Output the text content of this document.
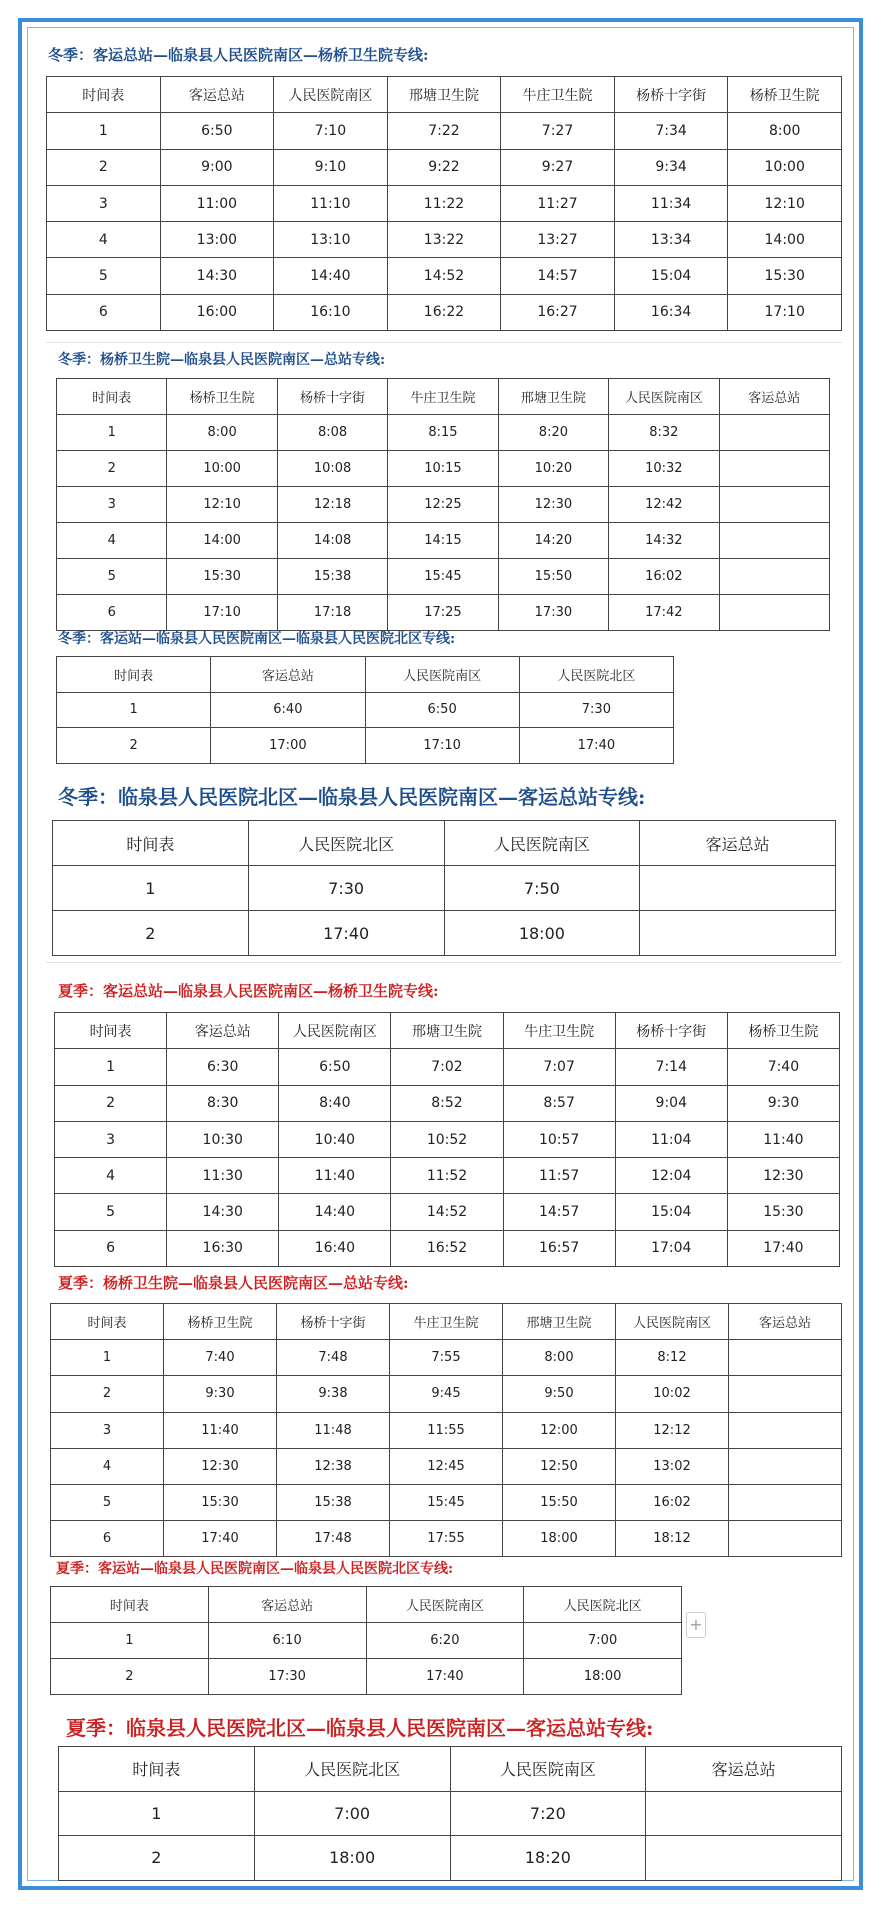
冬季：客运总站—临泉县人民医院南区—杨桥卫生院专线:
时间表	客运总站	人民医院南区	邢塘卫生院	牛庄卫生院	杨桥十字街	杨桥卫生院
1	6:50	7:10	7:22	7:27	7:34	8:00
2	9:00	9:10	9:22	9:27	9:34	10:00
3	11:00	11:10	11:22	11:27	11:34	12:10
4	13:00	13:10	13:22	13:27	13:34	14:00
5	14:30	14:40	14:52	14:57	15:04	15:30
6	16:00	16:10	16:22	16:27	16:34	17:10
冬季：杨桥卫生院—临泉县人民医院南区—总站专线:
时间表	杨桥卫生院	杨桥十字街	牛庄卫生院	邢塘卫生院	人民医院南区	客运总站
1	8:00	8:08	8:15	8:20	8:32	
2	10:00	10:08	10:15	10:20	10:32	
3	12:10	12:18	12:25	12:30	12:42	
4	14:00	14:08	14:15	14:20	14:32	
5	15:30	15:38	15:45	15:50	16:02	
6	17:10	17:18	17:25	17:30	17:42	
冬季：客运站—临泉县人民医院南区—临泉县人民医院北区专线:
时间表	客运总站	人民医院南区	人民医院北区
1	6:40	6:50	7:30
2	17:00	17:10	17:40
冬季：临泉县人民医院北区—临泉县人民医院南区—客运总站专线:
时间表	人民医院北区	人民医院南区	客运总站
1	7:30	7:50	
2	17:40	18:00	
夏季：客运总站—临泉县人民医院南区—杨桥卫生院专线:
时间表	客运总站	人民医院南区	邢塘卫生院	牛庄卫生院	杨桥十字街	杨桥卫生院
1	6:30	6:50	7:02	7:07	7:14	7:40
2	8:30	8:40	8:52	8:57	9:04	9:30
3	10:30	10:40	10:52	10:57	11:04	11:40
4	11:30	11:40	11:52	11:57	12:04	12:30
5	14:30	14:40	14:52	14:57	15:04	15:30
6	16:30	16:40	16:52	16:57	17:04	17:40
夏季：杨桥卫生院—临泉县人民医院南区—总站专线:
时间表	杨桥卫生院	杨桥十字街	牛庄卫生院	邢塘卫生院	人民医院南区	客运总站
1	7:40	7:48	7:55	8:00	8:12	
2	9:30	9:38	9:45	9:50	10:02	
3	11:40	11:48	11:55	12:00	12:12	
4	12:30	12:38	12:45	12:50	13:02	
5	15:30	15:38	15:45	15:50	16:02	
6	17:40	17:48	17:55	18:00	18:12	
夏季：客运站—临泉县人民医院南区—临泉县人民医院北区专线:
时间表	客运总站	人民医院南区	人民医院北区
1	6:10	6:20	7:00
2	17:30	17:40	18:00
夏季：临泉县人民医院北区—临泉县人民医院南区—客运总站专线:
时间表	人民医院北区	人民医院南区	客运总站
1	7:00	7:20	
2	18:00	18:20	
+
